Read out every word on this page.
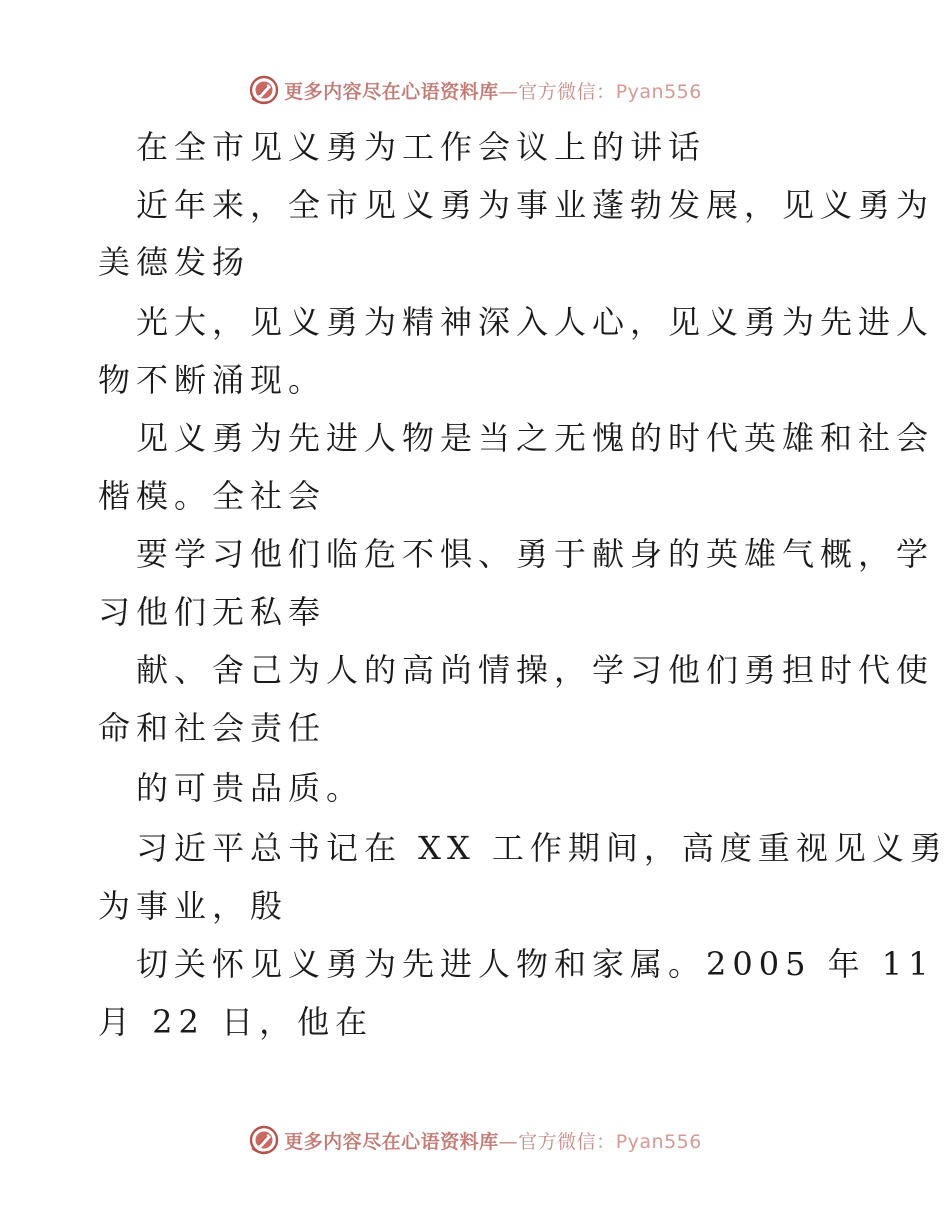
更多内容尽在心语资料库—官方微信：Pyan556
在全市见义勇为工作会议上的讲话
近年来，全市见义勇为事业蓬勃发展，见义勇为
美德发扬
光大，见义勇为精神深入人心，见义勇为先进人
物不断涌现。
见义勇为先进人物是当之无愧的时代英雄和社会
楷模。全社会
要学习他们临危不惧、勇于献身的英雄气概，学
习他们无私奉
献、舍己为人的高尚情操，学习他们勇担时代使
命和社会责任
的可贵品质。
习近平总书记在 XX 工作期间，高度重视见义勇
为事业，殷
切关怀见义勇为先进人物和家属。2005 年 11
月 22 日，他在
更多内容尽在心语资料库—官方微信：Pyan556
